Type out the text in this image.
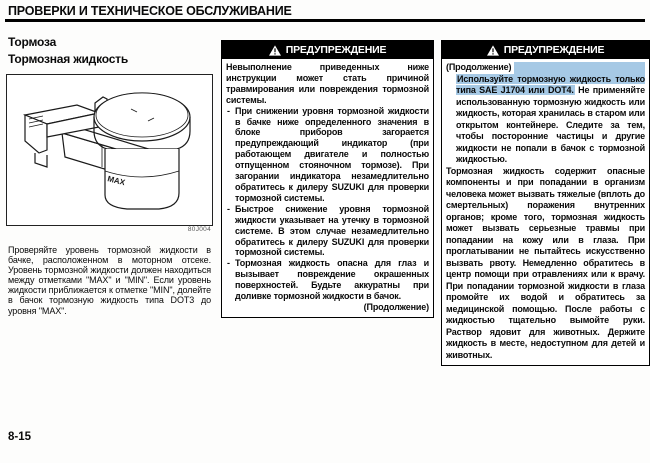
ПРОВЕРКИ И ТЕХНИЧЕСКОЕ ОБСЛУЖИВАНИЕ
Тормоза
Тормозная жидкость
MAX
80J004
Проверяйте уровень тормозной жидкости в бачке, расположенном в моторном отсеке. Уровень тормозной жидкости должен находиться между отметками "MAX" и "MIN". Если уровень жидкости приближается к отметке "MIN", долейте в бачок тормозную жидкость типа DOT3 до уровня "MAX".
8-15
ПРЕДУПРЕЖДЕНИЕ

Невыполнение приведенных ниже инструкции может стать причиной травмирования или повреждения тормозной системы.

- При снижении уровня тормозной жидкости в бачке ниже определенного значения в блоке приборов загорается предупреждающий индикатор (при работающем двигателе и полностью отпущенном стояночном тормозе). При загорании индикатора незамедлительно обратитесь к дилеру SUZUKI для проверки тормозной системы.
- Быстрое снижение уровня тормозной жидкости указывает на утечку в тормозной системе. В этом случае незамедлительно обратитесь к дилеру SUZUKI для проверки тормозной системы.
- Тормозная жидкость опасна для глаз и вызывает повреждение окрашенных поверхностей. Будьте аккуратны при доливке тормозной жидкости в бачок.
(Продолжение)
ПРЕДУПРЕЖДЕНИЕ
(Продолжение)

Используйте тормозную жидкость только типа SAE J1704 или DOT4. Не применяйте использованную тормозную жидкость или жидкость, которая хранилась в старом или открытом контейнере. Следите за тем, чтобы посторонние частицы и другие жидкости не попали в бачок с тормозной жидкостью.

Тормозная жидкость содержит опасные компоненты и при попадании в организм человека может вызвать тяжелые (вплоть до смертельных) поражения внутренних органов; кроме того, тормозная жидкость может вызвать серьезные травмы при попадании на кожу или в глаза. При проглатывании не пытайтесь искусственно вызвать рвоту. Немедленно обратитесь в центр помощи при отравлениях или к врачу. При попадании тормозной жидкости в глаза промойте их водой и обратитесь за медицинской помощью. После работы с жидкостью тщательно вымойте руки. Раствор ядовит для животных. Держите жидкость в месте, недоступном для детей и животных.
